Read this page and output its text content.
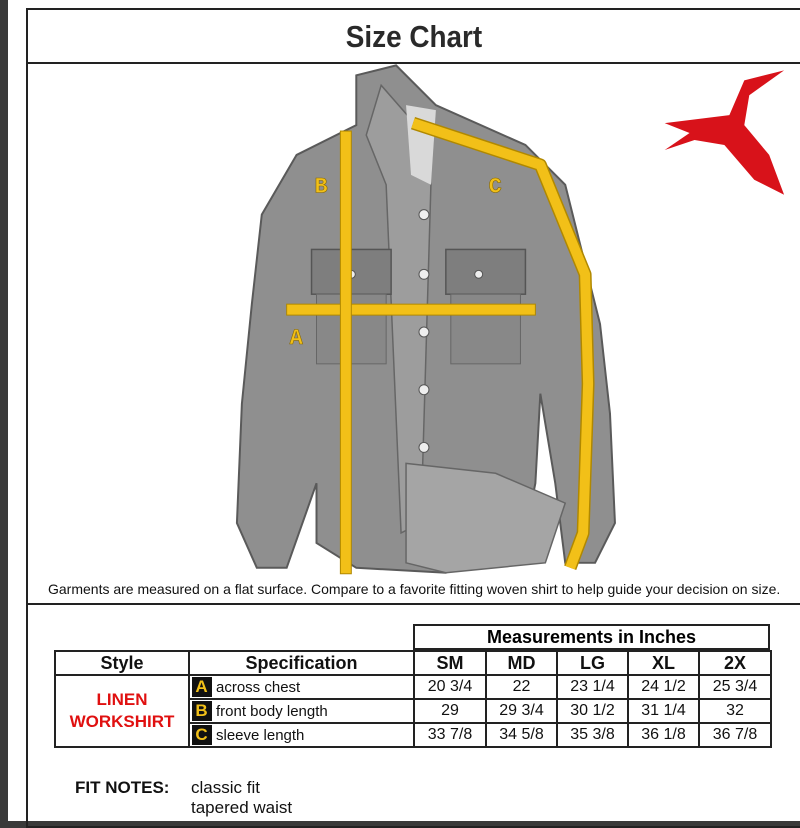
Size Chart
A
B	C
Garments are measured on a flat surface. Compare to a favorite fitting woven shirt to help guide your decision on size.
Measurements in Inches
Style	Specification		SM	MD	LG	XL	2X

LINEN
WORKSHIRT	A	across chest	20 3/4	22	23 1/4	24 1/2	25 3/4
	B	front body length	29	29 3/4	30 1/2	31 1/4	32
	C	sleeve length	33 7/8	34 5/8	35 3/8	36 1/8	36 7/8
FIT NOTES: classic fit
tapered waist
